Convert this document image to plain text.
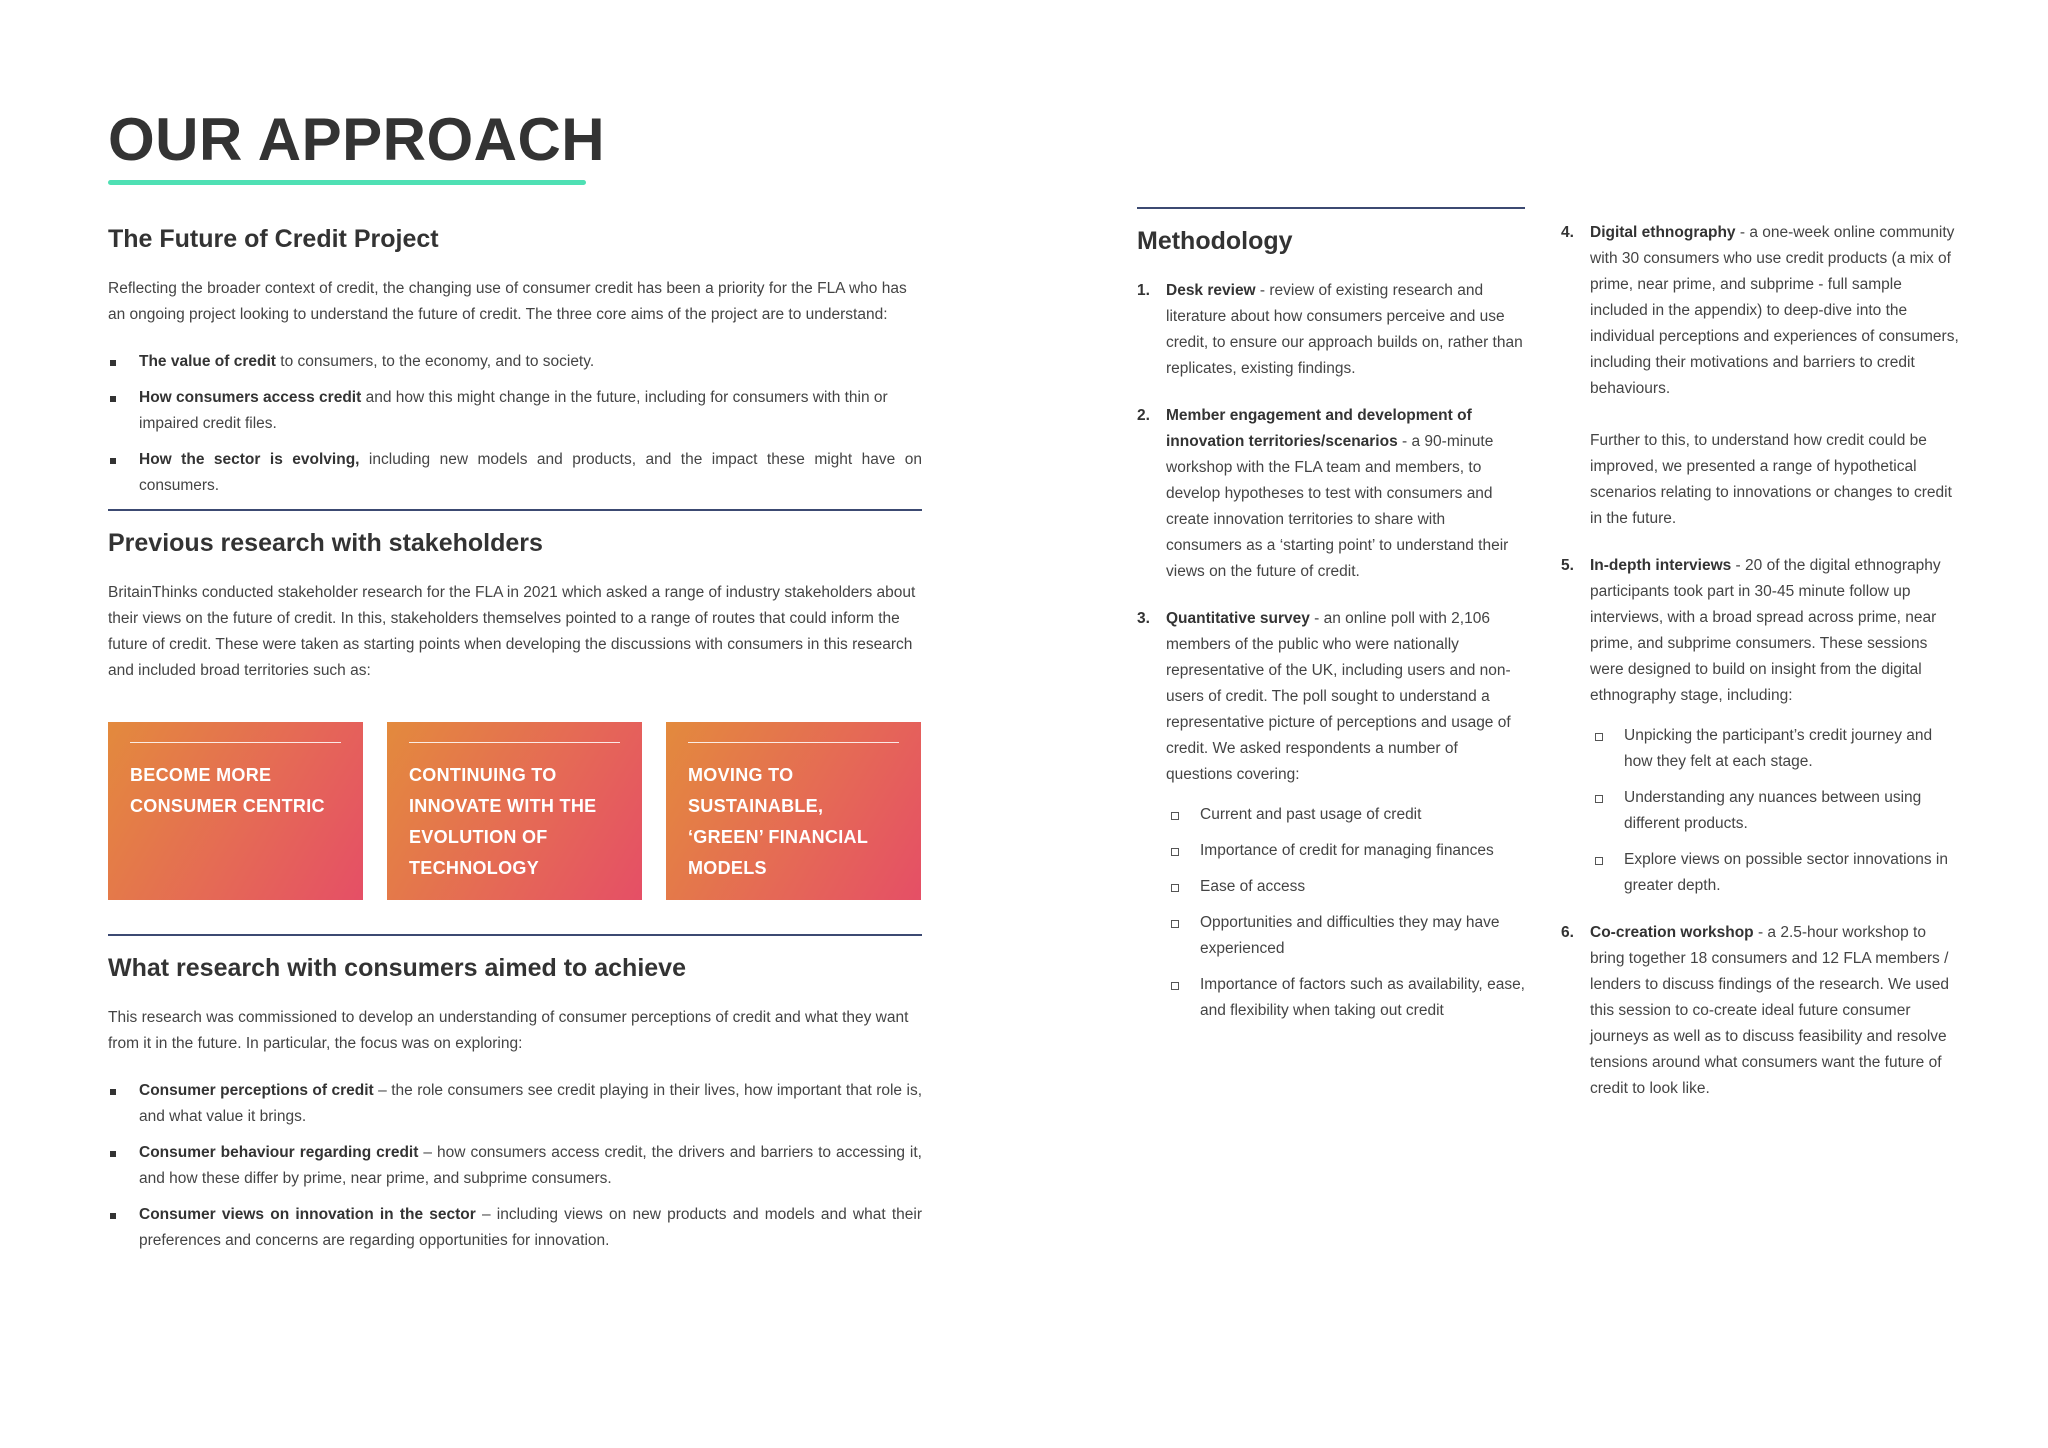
OUR APPROACH
The Future of Credit Project

Reflecting the broader context of credit, the changing use of consumer credit has been a priority for the FLA who has an ongoing project looking to understand the future of credit. The three core aims of the project are to understand:

The value of credit to consumers, to the economy, and to society.
How consumers access credit and how this might change in the future, including for consumers with thin or impaired credit files.
How the sector is evolving, including new models and products, and the impact these might have on consumers.
Previous research with stakeholders

BritainThinks conducted stakeholder research for the FLA in 2021 which asked a range of industry stakeholders about their views on the future of credit. In this, stakeholders themselves pointed to a range of routes that could inform the future of credit. These were taken as starting points when developing the discussions with consumers in this research and included broad territories such as:

BECOME MORE CONSUMER CENTRIC
CONTINUING TO INNOVATE WITH THE EVOLUTION OF TECHNOLOGY
MOVING TO SUSTAINABLE, ‘GREEN’ FINANCIAL MODELS
What research with consumers aimed to achieve

This research was commissioned to develop an understanding of consumer perceptions of credit and what they want from it in the future. In particular, the focus was on exploring:

Consumer perceptions of credit – the role consumers see credit playing in their lives, how important that role is, and what value it brings.
Consumer behaviour regarding credit – how consumers access credit, the drivers and barriers to accessing it, and how these differ by prime, near prime, and subprime consumers.
Consumer views on innovation in the sector – including views on new products and models and what their preferences and concerns are regarding opportunities for innovation.
Methodology
1. Desk review - review of existing research and literature about how consumers perceive and use credit, to ensure our approach builds on, rather than replicates, existing findings.
2. Member engagement and development of innovation territories/scenarios - a 90-minute workshop with the FLA team and members, to develop hypotheses to test with consumers and create innovation territories to share with consumers as a ‘starting point’ to understand their views on the future of credit.
3. Quantitative survey - an online poll with 2,106 members of the public who were nationally representative of the UK, including users and non-users of credit. The poll sought to understand a representative picture of perceptions and usage of credit. We asked respondents a number of questions covering:
Current and past usage of credit
Importance of credit for managing finances
Ease of access
Opportunities and difficulties they may have experienced
Importance of factors such as availability, ease, and flexibility when taking out credit
4. Digital ethnography - a one-week online community with 30 consumers who use credit products (a mix of prime, near prime, and subprime - full sample included in the appendix) to deep-dive into the individual perceptions and experiences of consumers, including their motivations and barriers to credit behaviours.

Further to this, to understand how credit could be improved, we presented a range of hypothetical scenarios relating to innovations or changes to credit in the future.

5. In-depth interviews - 20 of the digital ethnography participants took part in 30-45 minute follow up interviews, with a broad spread across prime, near prime, and subprime consumers. These sessions were designed to build on insight from the digital ethnography stage, including:
Unpicking the participant’s credit journey and how they felt at each stage.
Understanding any nuances between using different products.
Explore views on possible sector innovations in greater depth.
6. Co-creation workshop - a 2.5-hour workshop to bring together 18 consumers and 12 FLA members / lenders to discuss findings of the research. We used this session to co-create ideal future consumer journeys as well as to discuss feasibility and resolve tensions around what consumers want the future of credit to look like.
